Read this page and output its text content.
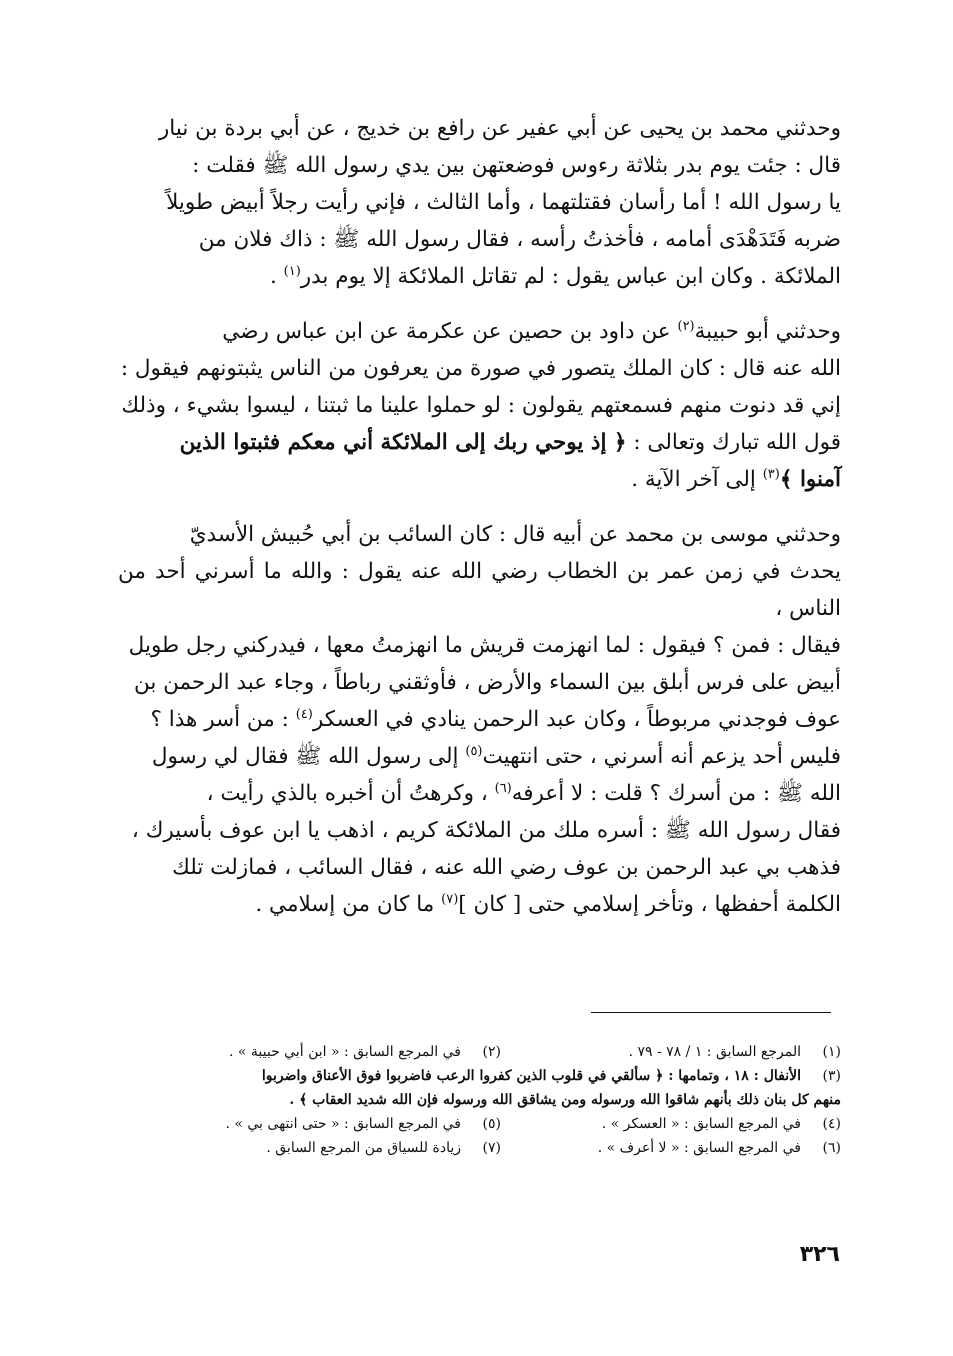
وحدثني محمد بن يحيى عن أبي عفير عن رافع بن خديج ، عن أبي بردة بن نيار

قال : جئت يوم بدر بثلاثة رءوس فوضعتهن بين يدي رسول الله ﷺ فقلت :

يا رسول الله ! أما رأسان فقتلتهما ، وأما الثالث ، فإني رأيت رجلاً أبيض طويلاً

ضربه فَتَدَهْدَى أمامه ، فأخذتُ رأسه ، فقال رسول الله ﷺ : ذاك فلان من

الملائكة . وكان ابن عباس يقول : لم تقاتل الملائكة إلا يوم بدر$^{(١)}$ .

وحدثني أبو حبيبة$^{(٢)}$ عن داود بن حصين عن عكرمة عن ابن عباس رضي

الله عنه قال : كان الملك يتصور في صورة من يعرفون من الناس يثبتونهم فيقول :

إني قد دنوت منهم فسمعتهم يقولون : لو حملوا علينا ما ثبتنا ، ليسوا بشيء ، وذلك

قول الله تبارك وتعالى : ﴿ إذ يوحي ربك إلى الملائكة أني معكم فثبتوا الذين

آمنوا ﴾$^{(٣)}$ إلى آخر الآية .

وحدثني موسى بن محمد عن أبيه قال : كان السائب بن أبي حُبيش الأسديّ

يحدث في زمن عمر بن الخطاب رضي الله عنه يقول : والله ما أسرني أحد من الناس ،

فيقال : فمن ؟ فيقول : لما انهزمت قريش ما انهزمتُ معها ، فيدركني رجل طويل

أبيض على فرس أبلق بين السماء والأرض ، فأوثقني رباطاً ، وجاء عبد الرحمن بن

عوف فوجدني مربوطاً ، وكان عبد الرحمن ينادي في العسكر$^{(٤)}$ : من أسر هذا ؟

فليس أحد يزعم أنه أسرني ، حتى انتهيت$^{(٥)}$ إلى رسول الله ﷺ فقال لي رسول

الله ﷺ : من أسرك ؟ قلت : لا أعرفه$^{(٦)}$ ، وكرهتُ أن أخبره بالذي رأيت ،

فقال رسول الله ﷺ : أسره ملك من الملائكة كريم ، اذهب يا ابن عوف بأسيرك ،

فذهب بي عبد الرحمن بن عوف رضي الله عنه ، فقال السائب ، فمازلت تلك

الكلمة أحفظها ، وتأخر إسلامي حتى [ كان ]$^{(٧)}$ ما كان من إسلامي .

(١)
المرجع السابق : ١ / ٧٨ - ٧٩ .
(٢)
في المرجع السابق : « ابن أبي حبيبة » .
(٣)
الأنفال : ١٨ ، وتمامها : ﴿ سألقي في قلوب الذين كفروا الرعب فاضربوا فوق الأعناق واضربوا
منهم كل بنان ذلك بأنهم شاقوا الله ورسوله ومن يشاقق الله ورسوله فإن الله شديد العقاب ﴾ .
(٤)
في المرجع السابق : « العسكر » .
(٥)
في المرجع السابق : « حتى انتهى بي » .
(٦)
في المرجع السابق : « لا أعرف » .
(٧)
زيادة للسياق من المرجع السابق .
٣٢٦
